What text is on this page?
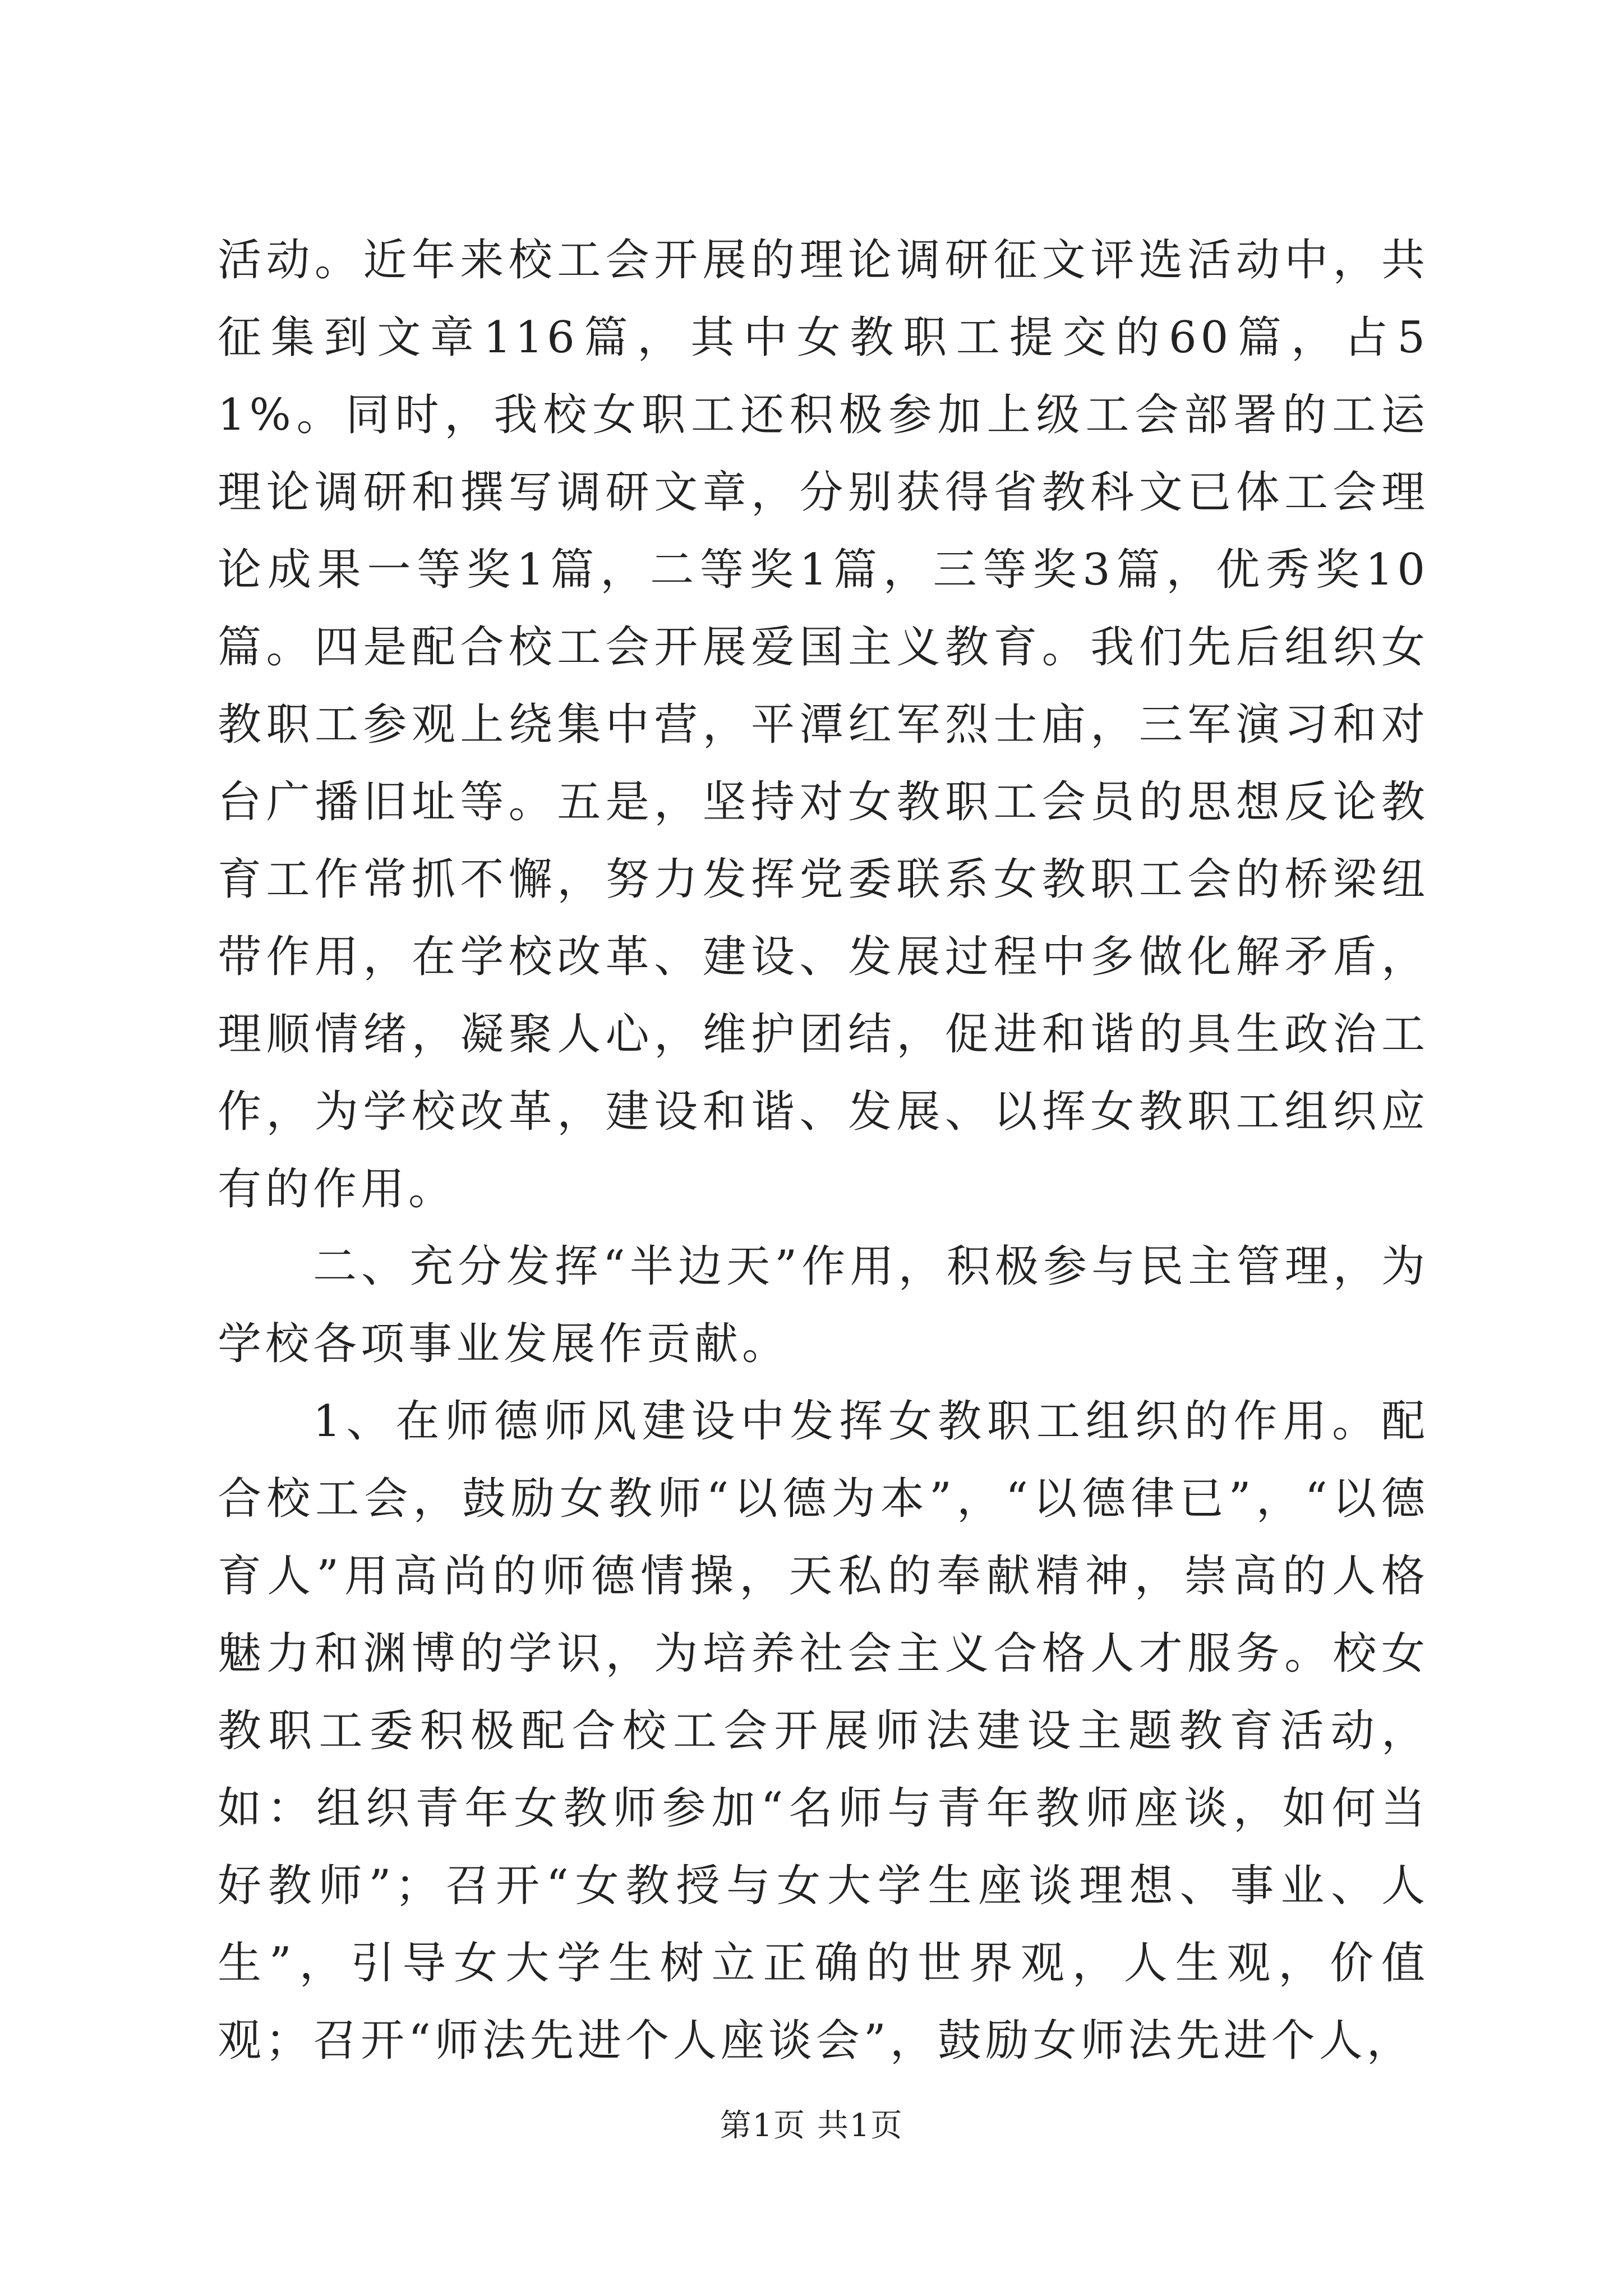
活动。近年来校工会开展的理论调研征文评选活动中，共征集到文章116篇，其中女教职工提交的60篇，占51%。同时，我校女职工还积极参加上级工会部署的工运理论调研和撰写调研文章，分别获得省教科文已体工会理论成果一等奖1篇，二等奖1篇，三等奖3篇，优秀奖10篇。四是配合校工会开展爱国主义教育。我们先后组织女教职工参观上绕集中营，平潭红军烈士庙，三军演习和对台广播旧址等。五是，坚持对女教职工会员的思想反论教育工作常抓不懈，努力发挥党委联系女教职工会的桥梁纽带作用，在学校改革、建设、发展过程中多做化解矛盾，理顺情绪，凝聚人心，维护团结，促进和谐的具生政治工作，为学校改革，建设和谐、发展、以挥女教职工组织应有的作用。

二、充分发挥“半边天”作用，积极参与民主管理，为学校各项事业发展作贡献。

1、在师德师风建设中发挥女教职工组织的作用。配合校工会，鼓励女教师“以德为本”，“以德律已”，“以德育人”用高尚的师德情操，天私的奉献精神，崇高的人格魅力和渊博的学识，为培养社会主义合格人才服务。校女教职工委积极配合校工会开展师法建设主题教育活动，如：组织青年女教师参加“名师与青年教师座谈，如何当好教师”；召开“女教授与女大学生座谈理想、事业、人生”，引导女大学生树立正确的世界观，人生观，价值观；召开“师法先进个人座谈会”，鼓励女师法先进个人，

第1页 共1页
